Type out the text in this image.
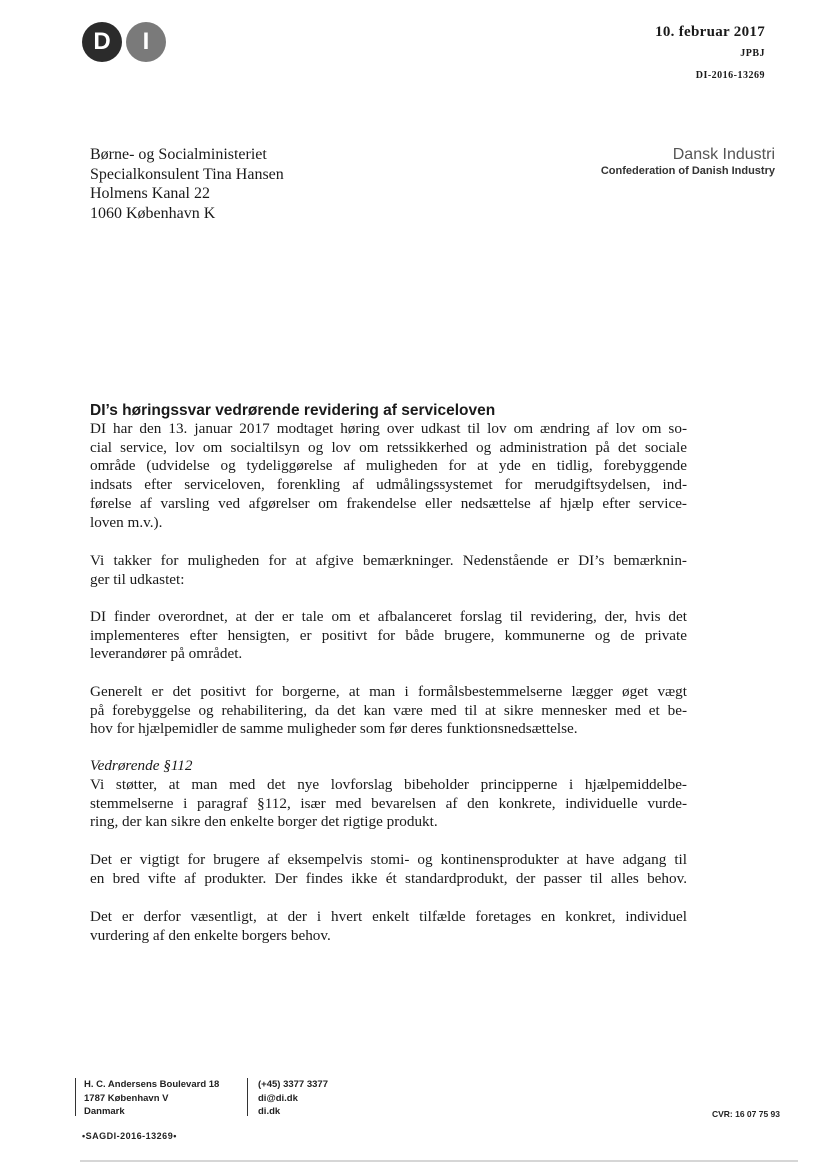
D	I	10. februar 2017
JPBJ
DI-2016-13269
Børne- og Socialministeriet
Specialkonsulent Tina Hansen
Holmens Kanal 22
1060 København K
Dansk Industri
Confederation of Danish Industry
DI’s høringssvar vedrørende revidering af serviceloven
DI har den 13. januar 2017 modtaget høring over udkast til lov om ændring af lov om so-
cial service, lov om socialtilsyn og lov om retssikkerhed og administration på det sociale
område (udvidelse og tydeliggørelse af muligheden for at yde en tidlig, forebyggende
indsats efter serviceloven, forenkling af udmålingssystemet for merudgiftsydelsen, ind-
førelse af varsling ved afgørelser om frakendelse eller nedsættelse af hjælp efter service-
loven m.v.).
Vi takker for muligheden for at afgive bemærkninger. Nedenstående er DI’s bemærknin-
ger til udkastet:
DI finder overordnet, at der er tale om et afbalanceret forslag til revidering, der, hvis det
implementeres efter hensigten, er positivt for både brugere, kommunerne og de private
leverandører på området.
Generelt er det positivt for borgerne, at man i formålsbestemmelserne lægger øget vægt
på forebyggelse og rehabilitering, da det kan være med til at sikre mennesker med et be-
hov for hjælpemidler de samme muligheder som før deres funktionsnedsættelse.
Vedrørende §112
Vi støtter, at man med det nye lovforslag bibeholder principperne i hjælpemiddelbe-
stemmelserne i paragraf §112, især med bevarelsen af den konkrete, individuelle vurde-
ring, der kan sikre den enkelte borger det rigtige produkt.
Det er vigtigt for brugere af eksempelvis stomi- og kontinensprodukter at have adgang til
en bred vifte af produkter. Der findes ikke ét standardprodukt, der passer til alles behov.
Det er derfor væsentligt, at der i hvert enkelt tilfælde foretages en konkret, individuel
vurdering af den enkelte borgers behov.
H. C. Andersens Boulevard 18
1787 København V
Danmark
(+45) 3377 3377
di@di.dk
di.dk	CVR: 16 07 75 93
•SAGDI-2016-13269•
